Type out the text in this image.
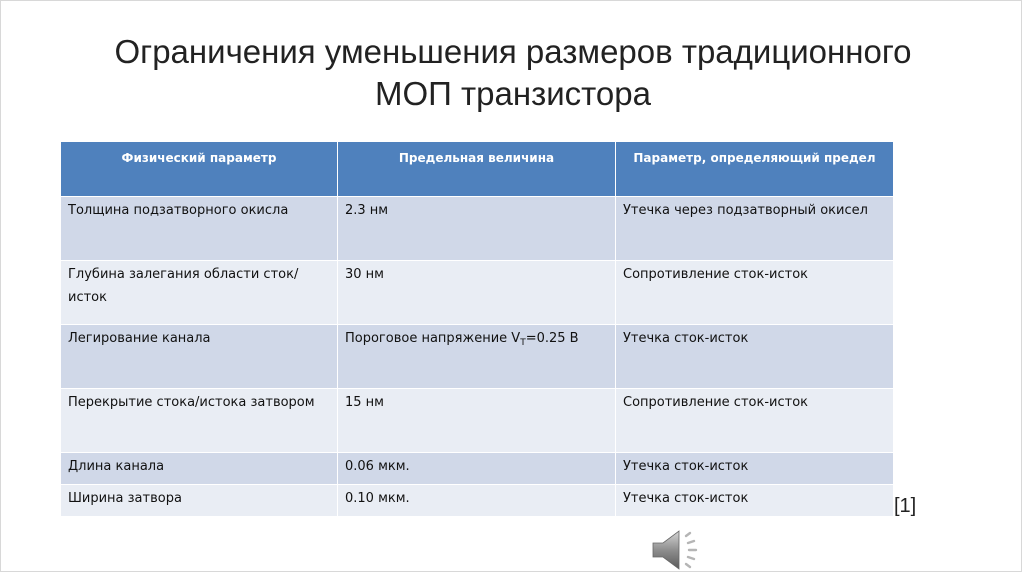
Ограничения уменьшения размеров традиционного
МОП транзистора
Физический параметр	Предельная величина	Параметр, определяющий предел
Толщина подзатворного окисла	2.3 нм	Утечка через подзатворный окисел
Глубина залегания области сток/исток	30 нм	Сопротивление сток-исток
Легирование канала	Пороговое напряжение $V_T=0.25$ В	Утечка сток-исток
Перекрытие стока/истока затвором	15 нм	Сопротивление сток-исток
Длина канала	0.06 мкм.	Утечка сток-исток
Ширина затвора	0.10 мкм.	Утечка сток-исток	[1]
